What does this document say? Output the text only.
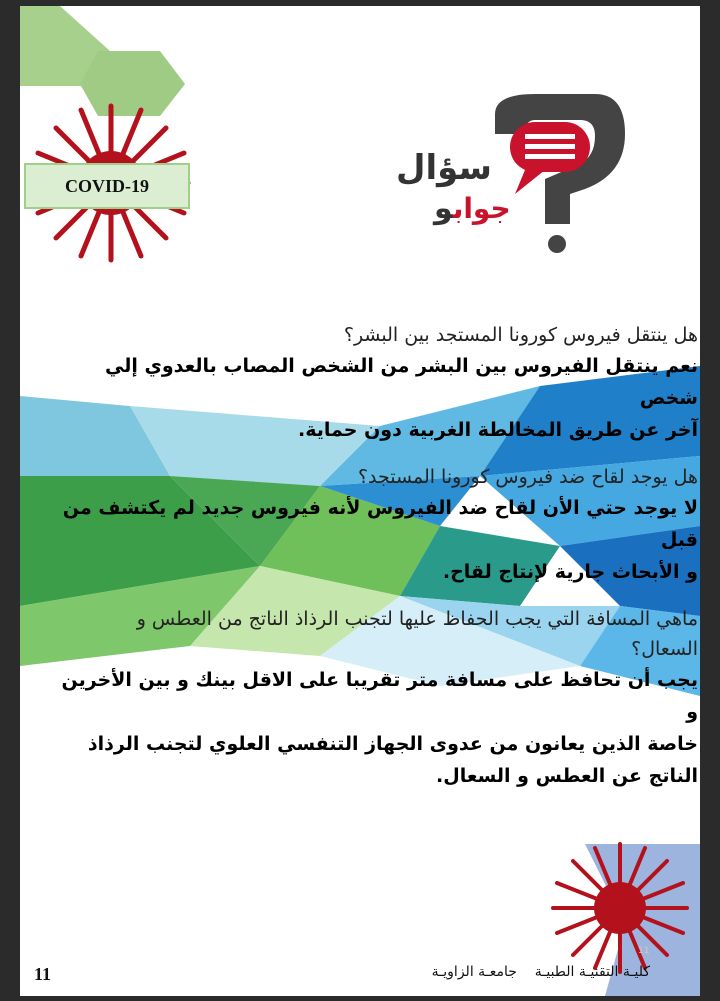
COVID-19	سؤال
جوابو
هل ينتقل فيروس كورونا المستجد بين البشر؟
نعم ينتقل الفيروس بين البشر من الشخص المصاب بالعدوي إلي شخص
آخر عن طريق المخالطة الغربية دون حماية.
هل يوجد لقاح ضد فيروس كورونا المستجد؟
لا يوجد حتي الأن لقاح ضد الفيروس لأنه فيروس جديد لم يكتشف من قبل
و الأبحاث جارية لإنتاج لقاح.
ماهي المسافة التي يجب الحفاظ عليها لتجنب الرذاذ الناتج من العطس و
السعال؟
يجب أن تحافظ على مسافة متر تقريبا على الاقل بينك و بين الأخرين و
خاصة الذين يعانون من عدوى الجهاز التنفسي العلوي لتجنب الرذاذ
الناتج عن العطس و السعال.
11
11	كليـة التقنيـة الطبيـة    جامعـة الزاويـة
